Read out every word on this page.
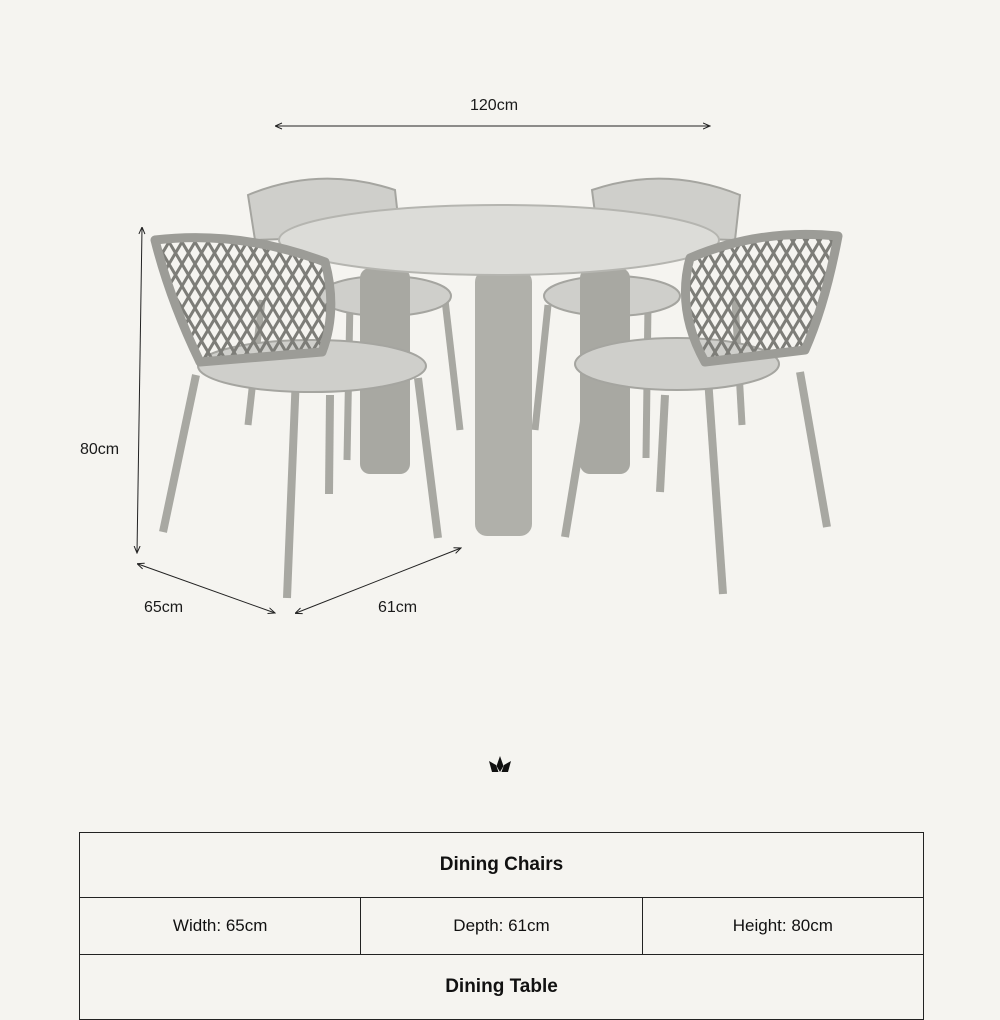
120cm
80cm
65cm	61cm
Dining Chairs
Width: 65cm	Depth: 61cm	Height: 80cm
Dining Table
